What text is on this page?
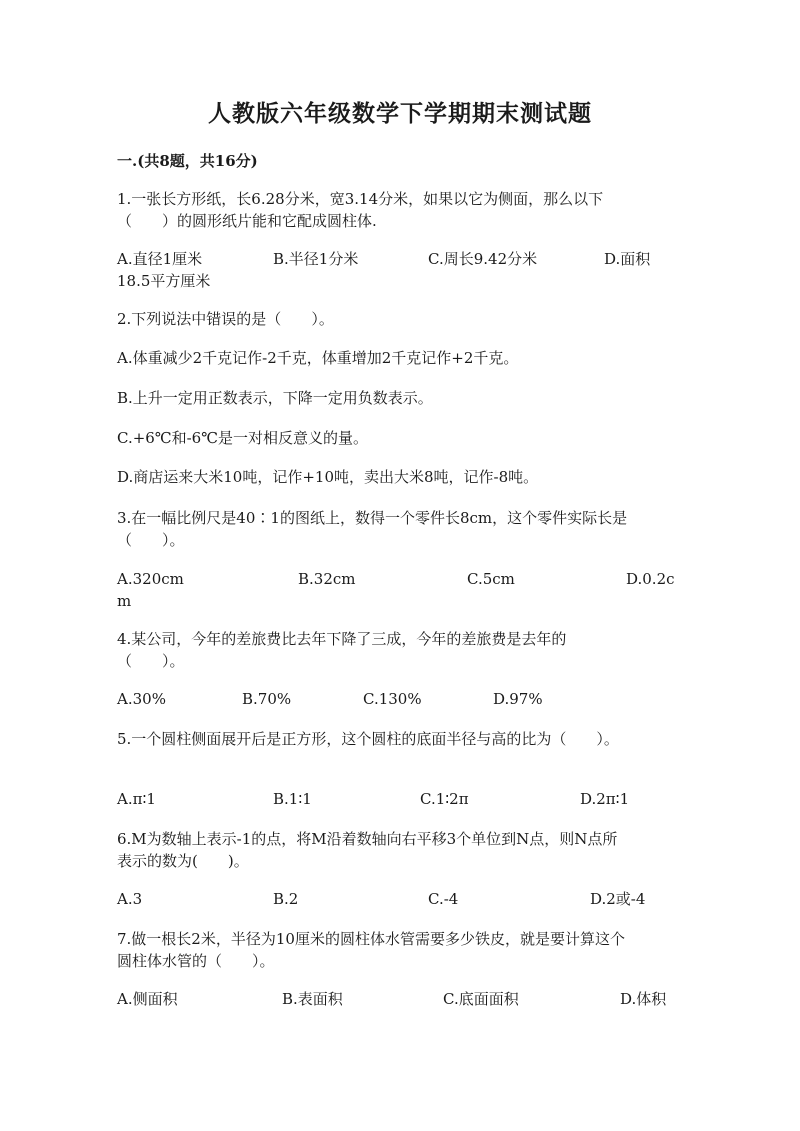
人教版六年级数学下学期期末测试题
一.(共8题，共16分)
1.一张长方形纸，长6.28分米，宽3.14分米，如果以它为侧面，那么以下
（　　）的圆形纸片能和它配成圆柱体.
A.直径1厘米	B.半径1分米	C.周长9.42分米	D.面积
18.5平方厘米
2.下列说法中错误的是（　　）。
A.体重减少2千克记作-2千克，体重增加2千克记作+2千克。
B.上升一定用正数表示，下降一定用负数表示。
C.+6℃和-6℃是一对相反意义的量。
D.商店运来大米10吨，记作+10吨，卖出大米8吨，记作-8吨。
3.在一幅比例尺是40∶1的图纸上，数得一个零件长8cm，这个零件实际长是
（　　）。
A.320cm	B.32cm	C.5cm	D.0.2c
m
4.某公司，今年的差旅费比去年下降了三成，今年的差旅费是去年的
（　　）。
A.30%	B.70%	C.130%	D.97%
5.一个圆柱侧面展开后是正方形，这个圆柱的底面半径与高的比为（　　）。
A.π∶1	B.1∶1	C.1∶2π	D.2π∶1
6.M为数轴上表示-1的点，将M沿着数轴向右平移3个单位到N点，则N点所
表示的数为(　　)。
A.3	B.2	C.-4	D.2或-4
7.做一根长2米，半径为10厘米的圆柱体水管需要多少铁皮，就是要计算这个
圆柱体水管的（　　）。
A.侧面积	B.表面积	C.底面面积	D.体积
